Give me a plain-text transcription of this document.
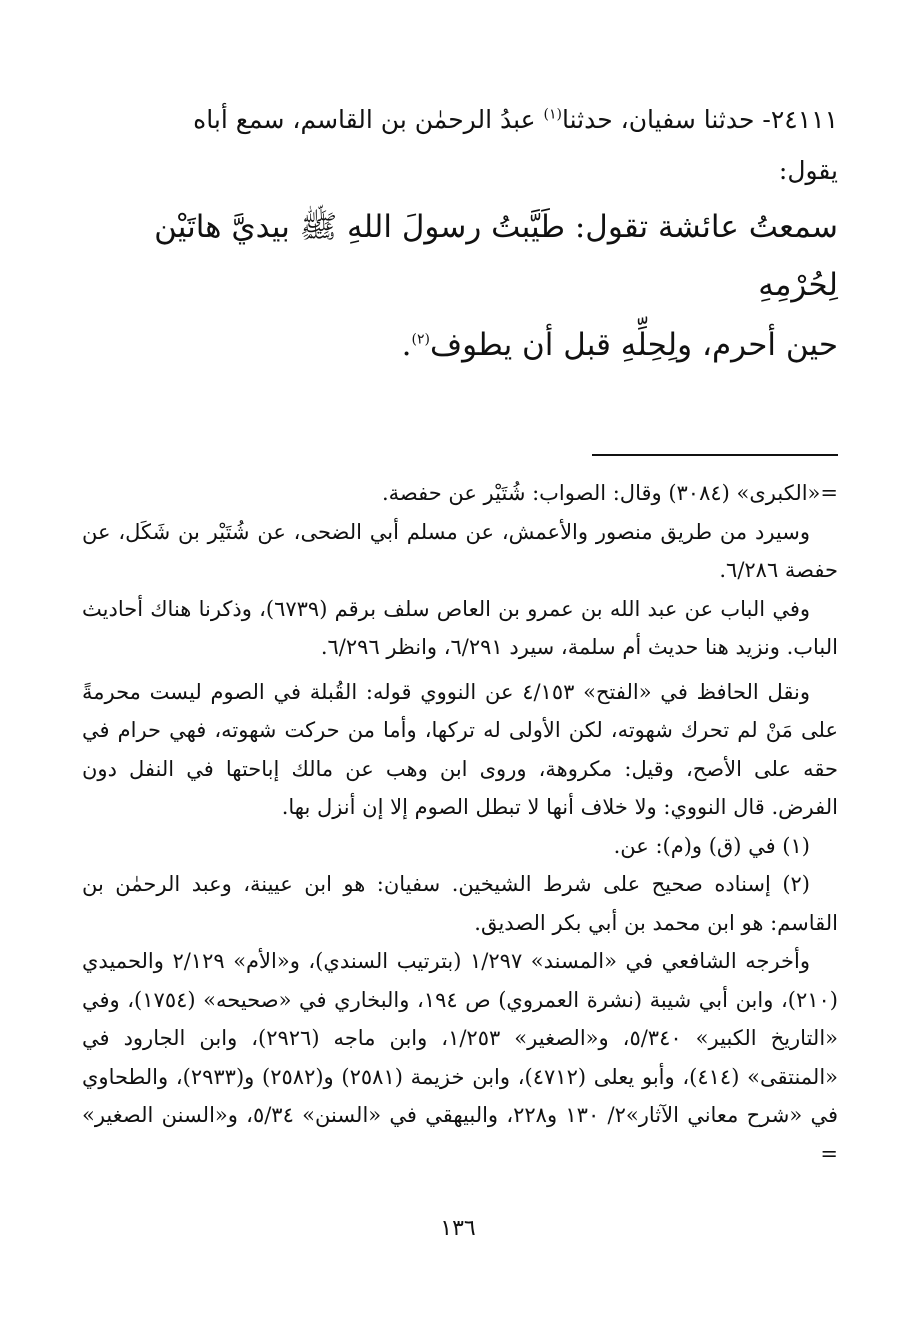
٢٤١١١- حدثنا سفيان، حدثنا$^{(١)}$ عبدُ الرحمٰن بن القاسم، سمع أباه
يقول:
سمعتُ عائشة تقول: طَيَّبتُ رسولَ اللهِ ﷺ بيديَّ هاتَيْن لِحُرْمِهِ
حين أحرم، ولِحِلِّهِ قبل أن يطوف$^{(٢)}$.

=«الكبرى» (٣٠٨٤) وقال: الصواب: شُتَيْر عن حفصة.

وسيرد من طريق منصور والأعمش، عن مسلم أبي الضحى، عن شُتَيْر بن شَكَل، عن حفصة ٦/٢٨٦.

وفي الباب عن عبد الله بن عمرو بن العاص سلف برقم (٦٧٣٩)، وذكرنا هناك أحاديث الباب. ونزيد هنا حديث أم سلمة، سيرد ٦/٢٩١، وانظر ٦/٢٩٦.

ونقل الحافظ في «الفتح» ٤/١٥٣ عن النووي قوله: القُبلة في الصوم ليست محرمةً على مَنْ لم تحرك شهوته، لكن الأولى له تركها، وأما من حركت شهوته، فهي حرام في حقه على الأصح، وقيل: مكروهة، وروى ابن وهب عن مالك إباحتها في النفل دون الفرض. قال النووي: ولا خلاف أنها لا تبطل الصوم إلا إن أنزل بها.

(١) في (ق) و(م): عن.

(٢) إسناده صحيح على شرط الشيخين. سفيان: هو ابن عيينة، وعبد الرحمٰن بن القاسم: هو ابن محمد بن أبي بكر الصديق.

وأخرجه الشافعي في «المسند» ١/٢٩٧ (بترتيب السندي)، و«الأم» ٢/١٢٩ والحميدي (٢١٠)، وابن أبي شيبة (نشرة العمروي) ص ١٩٤، والبخاري في «صحيحه» (١٧٥٤)، وفي «التاريخ الكبير» ٥/٣٤٠، و«الصغير» ١/٢٥٣، وابن ماجه (٢٩٢٦)، وابن الجارود في «المنتقى» (٤١٤)، وأبو يعلى (٤٧١٢)، وابن خزيمة (٢٥٨١) و(٢٥٨٢) و(٢٩٣٣)، والطحاوي في «شرح معاني الآثار»٢/ ١٣٠ و٢٢٨، والبيهقي في «السنن» ٥/٣٤، و«السنن الصغير» =

١٣٦
